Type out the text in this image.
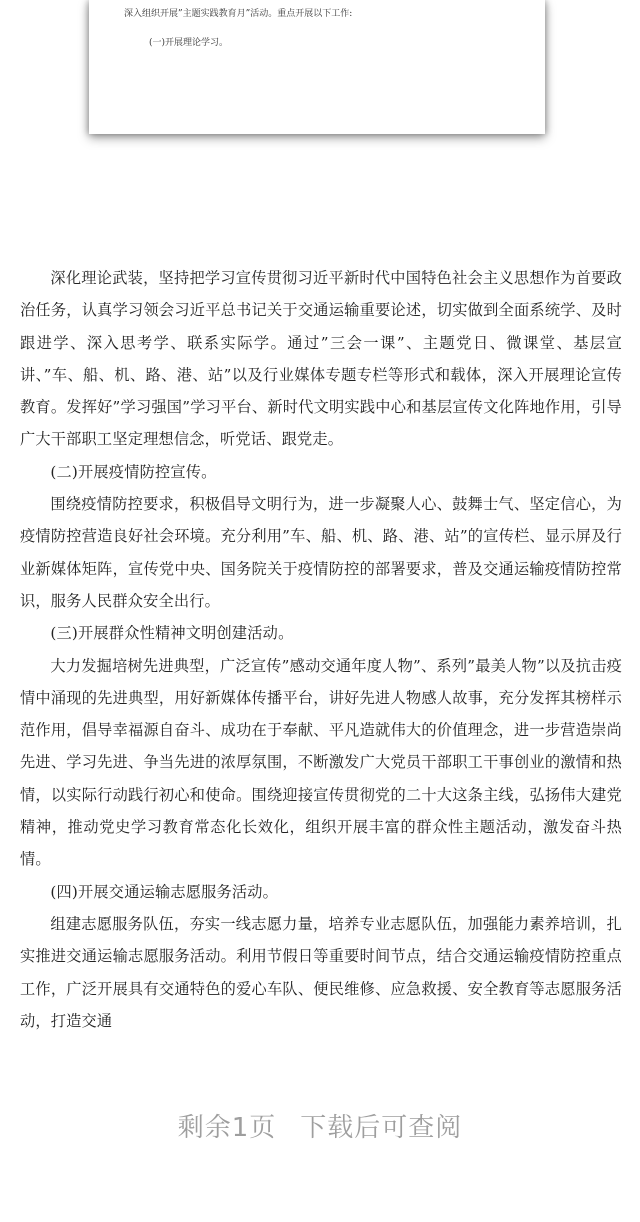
深入组织开展”主题实践教育月”活动。重点开展以下工作:
(一)开展理论学习。

深化理论武装，坚持把学习宣传贯彻习近平新时代中国特色社会主义思想作为首要政治任务，认真学习领会习近平总书记关于交通运输重要论述，切实做到全面系统学、及时跟进学、深入思考学、联系实际学。通过”三会一课”、主题党日、微课堂、基层宣讲、”车、船、机、路、港、站”以及行业媒体专题专栏等形式和载体，深入开展理论宣传教育。发挥好”学习强国”学习平台、新时代文明实践中心和基层宣传文化阵地作用，引导广大干部职工坚定理想信念，听党话、跟党走。

(二)开展疫情防控宣传。

围绕疫情防控要求，积极倡导文明行为，进一步凝聚人心、鼓舞士气、坚定信心，为疫情防控营造良好社会环境。充分利用”车、船、机、路、港、站”的宣传栏、显示屏及行业新媒体矩阵，宣传党中央、国务院关于疫情防控的部署要求，普及交通运输疫情防控常识，服务人民群众安全出行。

(三)开展群众性精神文明创建活动。

大力发掘培树先进典型，广泛宣传”感动交通年度人物”、系列”最美人物”以及抗击疫情中涌现的先进典型，用好新媒体传播平台，讲好先进人物感人故事，充分发挥其榜样示范作用，倡导幸福源自奋斗、成功在于奉献、平凡造就伟大的价值理念，进一步营造崇尚先进、学习先进、争当先进的浓厚氛围，不断激发广大党员干部职工干事创业的激情和热情，以实际行动践行初心和使命。围绕迎接宣传贯彻党的二十大这条主线，弘扬伟大建党精神，推动党史学习教育常态化长效化，组织开展丰富的群众性主题活动，激发奋斗热情。

(四)开展交通运输志愿服务活动。

组建志愿服务队伍，夯实一线志愿力量，培养专业志愿队伍，加强能力素养培训，扎实推进交通运输志愿服务活动。利用节假日等重要时间节点，结合交通运输疫情防控重点工作，广泛开展具有交通特色的爱心车队、便民维修、应急救援、安全教育等志愿服务活动，打造交通

剩余1页 下载后可查阅
